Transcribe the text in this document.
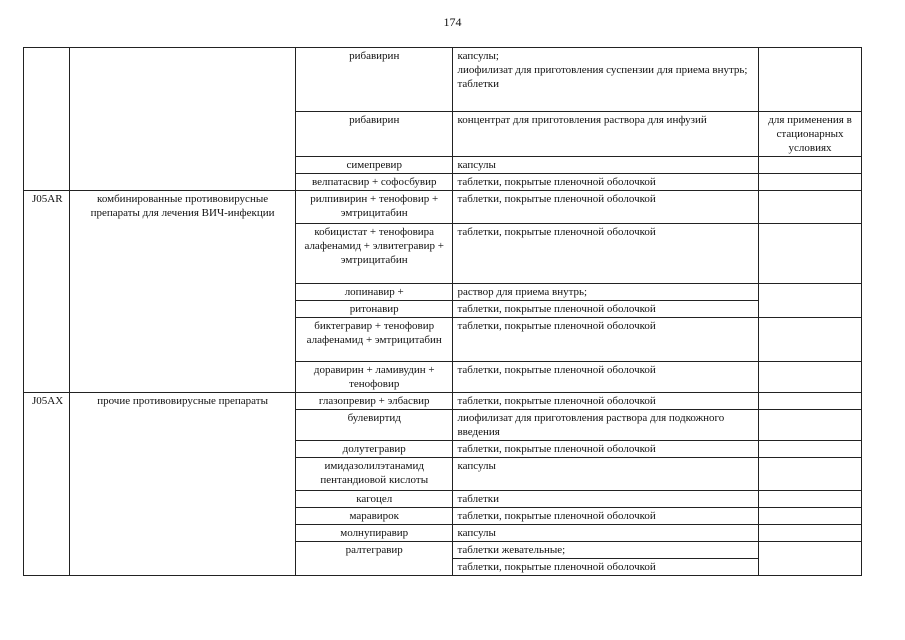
174
		рибавирин	капсулы;
лиофилизат для приготовления суспензии для приема внутрь;
таблетки	

		рибавирин	концентрат для приготовления раствора для инфузий	для применения в стационарных условиях
		симепревир	капсулы	

		велпатасвир + софосбувир	таблетки, покрытые пленочной оболочкой	

J05AR	комбинированные противовирусные препараты для лечения ВИЧ-инфекции	рилпивирин + тенофовир + эмтрицитабин	таблетки, покрытые пленочной оболочкой	

		кобицистат + тенофовира алафенамид + элвитегравир + эмтрицитабин	таблетки, покрытые пленочной оболочкой	

		лопинавир +	раствор для приема внутрь;	

		ритонавир	таблетки, покрытые пленочной оболочкой	

		биктегравир + тенофовир алафенамид + эмтрицитабин	таблетки, покрытые пленочной оболочкой	

		доравирин + ламивудин + тенофовир	таблетки, покрытые пленочной оболочкой	

J05AX	прочие противовирусные препараты	глазопревир + элбасвир	таблетки, покрытые пленочной оболочкой	

		булевиртид	лиофилизат для приготовления раствора для подкожного введения	

		долутегравир	таблетки, покрытые пленочной оболочкой	

		имидазолилэтанамид пентандиовой кислоты	капсулы	

		кагоцел	таблетки	

		маравирок	таблетки, покрытые пленочной оболочкой	

		молнупиравир	капсулы	

		ралтегравир	таблетки жевательные;	

			таблетки, покрытые пленочной оболочкой	
